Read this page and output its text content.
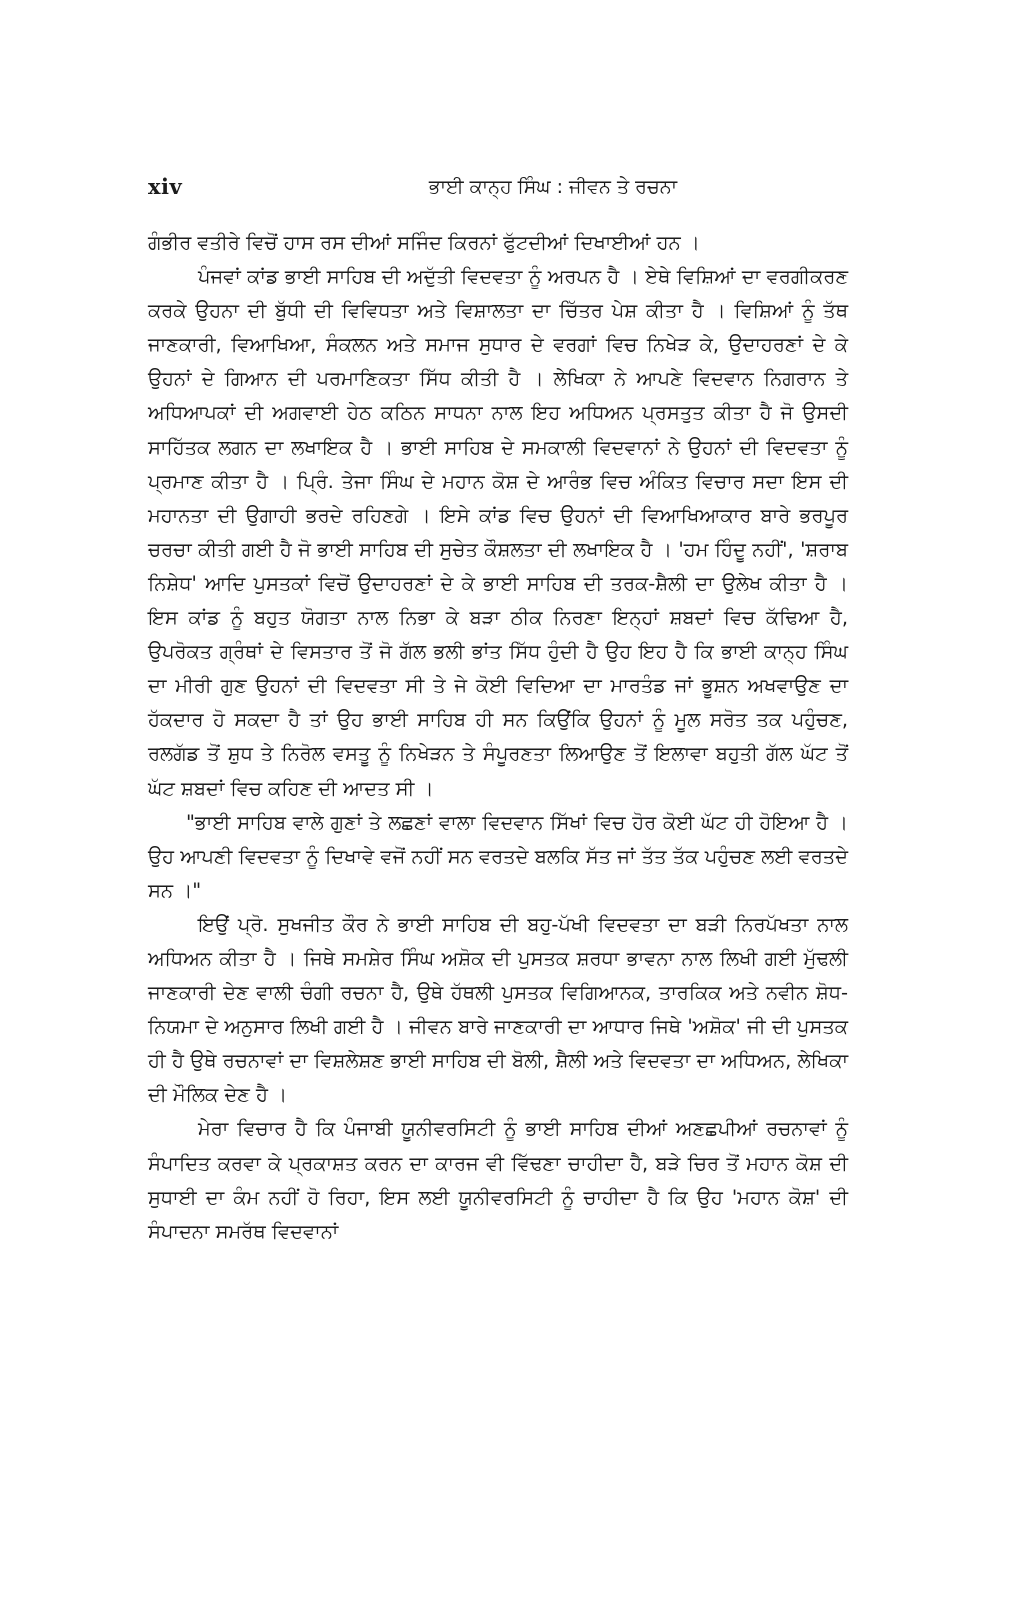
xiv	ਭਾਈ ਕਾਨ੍ਹ ਸਿੰਘ : ਜੀਵਨ ਤੇ ਰਚਨਾ

ਗੰਭੀਰ ਵਤੀਰੇ ਵਿਚੋਂ ਹਾਸ ਰਸ ਦੀਆਂ ਸਜਿੰਦ ਕਿਰਨਾਂ ਫੁੱਟਦੀਆਂ ਦਿਖਾਈਆਂ ਹਨ ।

ਪੰਜਵਾਂ ਕਾਂਡ ਭਾਈ ਸਾਹਿਬ ਦੀ ਅਦੁੱਤੀ ਵਿਦਵਤਾ ਨੂੰ ਅਰਪਨ ਹੈ । ਏਥੇ ਵਿਸ਼ਿਆਂ ਦਾ ਵਰਗੀਕਰਣ ਕਰਕੇ ਉਹਨਾ ਦੀ ਬੁੱਧੀ ਦੀ ਵਿਵਿਧਤਾ ਅਤੇ ਵਿਸ਼ਾਲਤਾ ਦਾ ਚਿੱਤਰ ਪੇਸ਼ ਕੀਤਾ ਹੈ । ਵਿਸ਼ਿਆਂ ਨੂੰ ਤੱਥ ਜਾਣਕਾਰੀ, ਵਿਆਖਿਆ, ਸੰਕਲਨ ਅਤੇ ਸਮਾਜ ਸੁਧਾਰ ਦੇ ਵਰਗਾਂ ਵਿਚ ਨਿਖੇੜ ਕੇ, ਉਦਾਹਰਣਾਂ ਦੇ ਕੇ ਉਹਨਾਂ ਦੇ ਗਿਆਨ ਦੀ ਪਰਮਾਣਿਕਤਾ ਸਿੱਧ ਕੀਤੀ ਹੈ । ਲੇਖਿਕਾ ਨੇ ਆਪਣੇ ਵਿਦਵਾਨ ਨਿਗਰਾਨ ਤੇ ਅਧਿਆਪਕਾਂ ਦੀ ਅਗਵਾਈ ਹੇਠ ਕਠਿਨ ਸਾਧਨਾ ਨਾਲ ਇਹ ਅਧਿਅਨ ਪ੍ਰਸਤੁਤ ਕੀਤਾ ਹੈ ਜੋ ਉਸਦੀ ਸਾਹਿੱਤਕ ਲਗਨ ਦਾ ਲਖਾਇਕ ਹੈ । ਭਾਈ ਸਾਹਿਬ ਦੇ ਸਮਕਾਲੀ ਵਿਦਵਾਨਾਂ ਨੇ ਉਹਨਾਂ ਦੀ ਵਿਦਵਤਾ ਨੂੰ ਪ੍ਰਮਾਣ ਕੀਤਾ ਹੈ । ਪ੍ਰਿੰ. ਤੇਜਾ ਸਿੰਘ ਦੇ ਮਹਾਨ ਕੋਸ਼ ਦੇ ਆਰੰਭ ਵਿਚ ਅੰਕਿਤ ਵਿਚਾਰ ਸਦਾ ਇਸ ਦੀ ਮਹਾਨਤਾ ਦੀ ਉਗਾਹੀ ਭਰਦੇ ਰਹਿਣਗੇ । ਇਸੇ ਕਾਂਡ ਵਿਚ ਉਹਨਾਂ ਦੀ ਵਿਆਖਿਆਕਾਰ ਬਾਰੇ ਭਰਪੂਰ ਚਰਚਾ ਕੀਤੀ ਗਈ ਹੈ ਜੋ ਭਾਈ ਸਾਹਿਬ ਦੀ ਸੁਚੇਤ ਕੌਸ਼ਲਤਾ ਦੀ ਲਖਾਇਕ ਹੈ । 'ਹਮ ਹਿੰਦੂ ਨਹੀਂ', 'ਸ਼ਰਾਬ ਨਿਸ਼ੇਧ' ਆਦਿ ਪੁਸਤਕਾਂ ਵਿਚੋਂ ਉਦਾਹਰਣਾਂ ਦੇ ਕੇ ਭਾਈ ਸਾਹਿਬ ਦੀ ਤਰਕ-ਸ਼ੈਲੀ ਦਾ ਉਲੇਖ ਕੀਤਾ ਹੈ । ਇਸ ਕਾਂਡ ਨੂੰ ਬਹੁਤ ਯੋਗਤਾ ਨਾਲ ਨਿਭਾ ਕੇ ਬੜਾ ਠੀਕ ਨਿਰਣਾ ਇਨ੍ਹਾਂ ਸ਼ਬਦਾਂ ਵਿਚ ਕੱਢਿਆ ਹੈ, ਉਪਰੋਕਤ ਗ੍ਰੰਥਾਂ ਦੇ ਵਿਸਤਾਰ ਤੋਂ ਜੋ ਗੱਲ ਭਲੀ ਭਾਂਤ ਸਿੱਧ ਹੁੰਦੀ ਹੈ ਉਹ ਇਹ ਹੈ ਕਿ ਭਾਈ ਕਾਨ੍ਹ ਸਿੰਘ ਦਾ ਮੀਰੀ ਗੁਣ ਉਹਨਾਂ ਦੀ ਵਿਦਵਤਾ ਸੀ ਤੇ ਜੇ ਕੋਈ ਵਿਦਿਆ ਦਾ ਮਾਰਤੰਡ ਜਾਂ ਭੂਸ਼ਨ ਅਖਵਾਉਣ ਦਾ ਹੱਕਦਾਰ ਹੋ ਸਕਦਾ ਹੈ ਤਾਂ ਉਹ ਭਾਈ ਸਾਹਿਬ ਹੀ ਸਨ ਕਿਉਂਕਿ ਉਹਨਾਂ ਨੂੰ ਮੂਲ ਸਰੋਤ ਤਕ ਪਹੁੰਚਣ, ਰਲਗੱਡ ਤੋਂ ਸ਼ੁਧ ਤੇ ਨਿਰੋਲ ਵਸਤੂ ਨੂੰ ਨਿਖੇੜਨ ਤੇ ਸੰਪੂਰਣਤਾ ਲਿਆਉਣ ਤੋਂ ਇਲਾਵਾ ਬਹੁਤੀ ਗੱਲ ਘੱਟ ਤੋਂ ਘੱਟ ਸ਼ਬਦਾਂ ਵਿਚ ਕਹਿਣ ਦੀ ਆਦਤ ਸੀ ।

"ਭਾਈ ਸਾਹਿਬ ਵਾਲੇ ਗੁਣਾਂ ਤੇ ਲਛਣਾਂ ਵਾਲਾ ਵਿਦਵਾਨ ਸਿੱਖਾਂ ਵਿਚ ਹੋਰ ਕੋਈ ਘੱਟ ਹੀ ਹੋਇਆ ਹੈ । ਉਹ ਆਪਣੀ ਵਿਦਵਤਾ ਨੂੰ ਦਿਖਾਵੇ ਵਜੋਂ ਨਹੀਂ ਸਨ ਵਰਤਦੇ ਬਲਕਿ ਸੱਤ ਜਾਂ ਤੱਤ ਤੱਕ ਪਹੁੰਚਣ ਲਈ ਵਰਤਦੇ ਸਨ ।"

ਇਉਂ ਪ੍ਰੋ. ਸੁਖਜੀਤ ਕੌਰ ਨੇ ਭਾਈ ਸਾਹਿਬ ਦੀ ਬਹੁ-ਪੱਖੀ ਵਿਦਵਤਾ ਦਾ ਬੜੀ ਨਿਰਪੱਖਤਾ ਨਾਲ ਅਧਿਅਨ ਕੀਤਾ ਹੈ । ਜਿਥੇ ਸਮਸ਼ੇਰ ਸਿੰਘ ਅਸ਼ੋਕ ਦੀ ਪੁਸਤਕ ਸ਼ਰਧਾ ਭਾਵਨਾ ਨਾਲ ਲਿਖੀ ਗਈ ਮੁੱਢਲੀ ਜਾਣਕਾਰੀ ਦੇਣ ਵਾਲੀ ਚੰਗੀ ਰਚਨਾ ਹੈ, ਉਥੇ ਹੱਥਲੀ ਪੁਸਤਕ ਵਿਗਿਆਨਕ, ਤਾਰਕਿਕ ਅਤੇ ਨਵੀਨ ਸ਼ੋਧ-ਨਿਯਮਾ ਦੇ ਅਨੁਸਾਰ ਲਿਖੀ ਗਈ ਹੈ । ਜੀਵਨ ਬਾਰੇ ਜਾਣਕਾਰੀ ਦਾ ਆਧਾਰ ਜਿਥੇ 'ਅਸ਼ੋਕ' ਜੀ ਦੀ ਪੁਸਤਕ ਹੀ ਹੈ ਉਥੇ ਰਚਨਾਵਾਂ ਦਾ ਵਿਸ਼ਲੇਸ਼ਣ ਭਾਈ ਸਾਹਿਬ ਦੀ ਬੋਲੀ, ਸ਼ੈਲੀ ਅਤੇ ਵਿਦਵਤਾ ਦਾ ਅਧਿਅਨ, ਲੇਖਿਕਾ ਦੀ ਮੌਲਿਕ ਦੇਣ ਹੈ ।

ਮੇਰਾ ਵਿਚਾਰ ਹੈ ਕਿ ਪੰਜਾਬੀ ਯੂਨੀਵਰਸਿਟੀ ਨੂੰ ਭਾਈ ਸਾਹਿਬ ਦੀਆਂ ਅਣਛਪੀਆਂ ਰਚਨਾਵਾਂ ਨੂੰ ਸੰਪਾਦਿਤ ਕਰਵਾ ਕੇ ਪ੍ਰਕਾਸ਼ਤ ਕਰਨ ਦਾ ਕਾਰਜ ਵੀ ਵਿੱਢਣਾ ਚਾਹੀਦਾ ਹੈ, ਬੜੇ ਚਿਰ ਤੋਂ ਮਹਾਨ ਕੋਸ਼ ਦੀ ਸੁਧਾਈ ਦਾ ਕੰਮ ਨਹੀਂ ਹੋ ਰਿਹਾ, ਇਸ ਲਈ ਯੂਨੀਵਰਸਿਟੀ ਨੂੰ ਚਾਹੀਦਾ ਹੈ ਕਿ ਉਹ 'ਮਹਾਨ ਕੋਸ਼' ਦੀ ਸੰਪਾਦਨਾ ਸਮਰੱਥ ਵਿਦਵਾਨਾਂ
